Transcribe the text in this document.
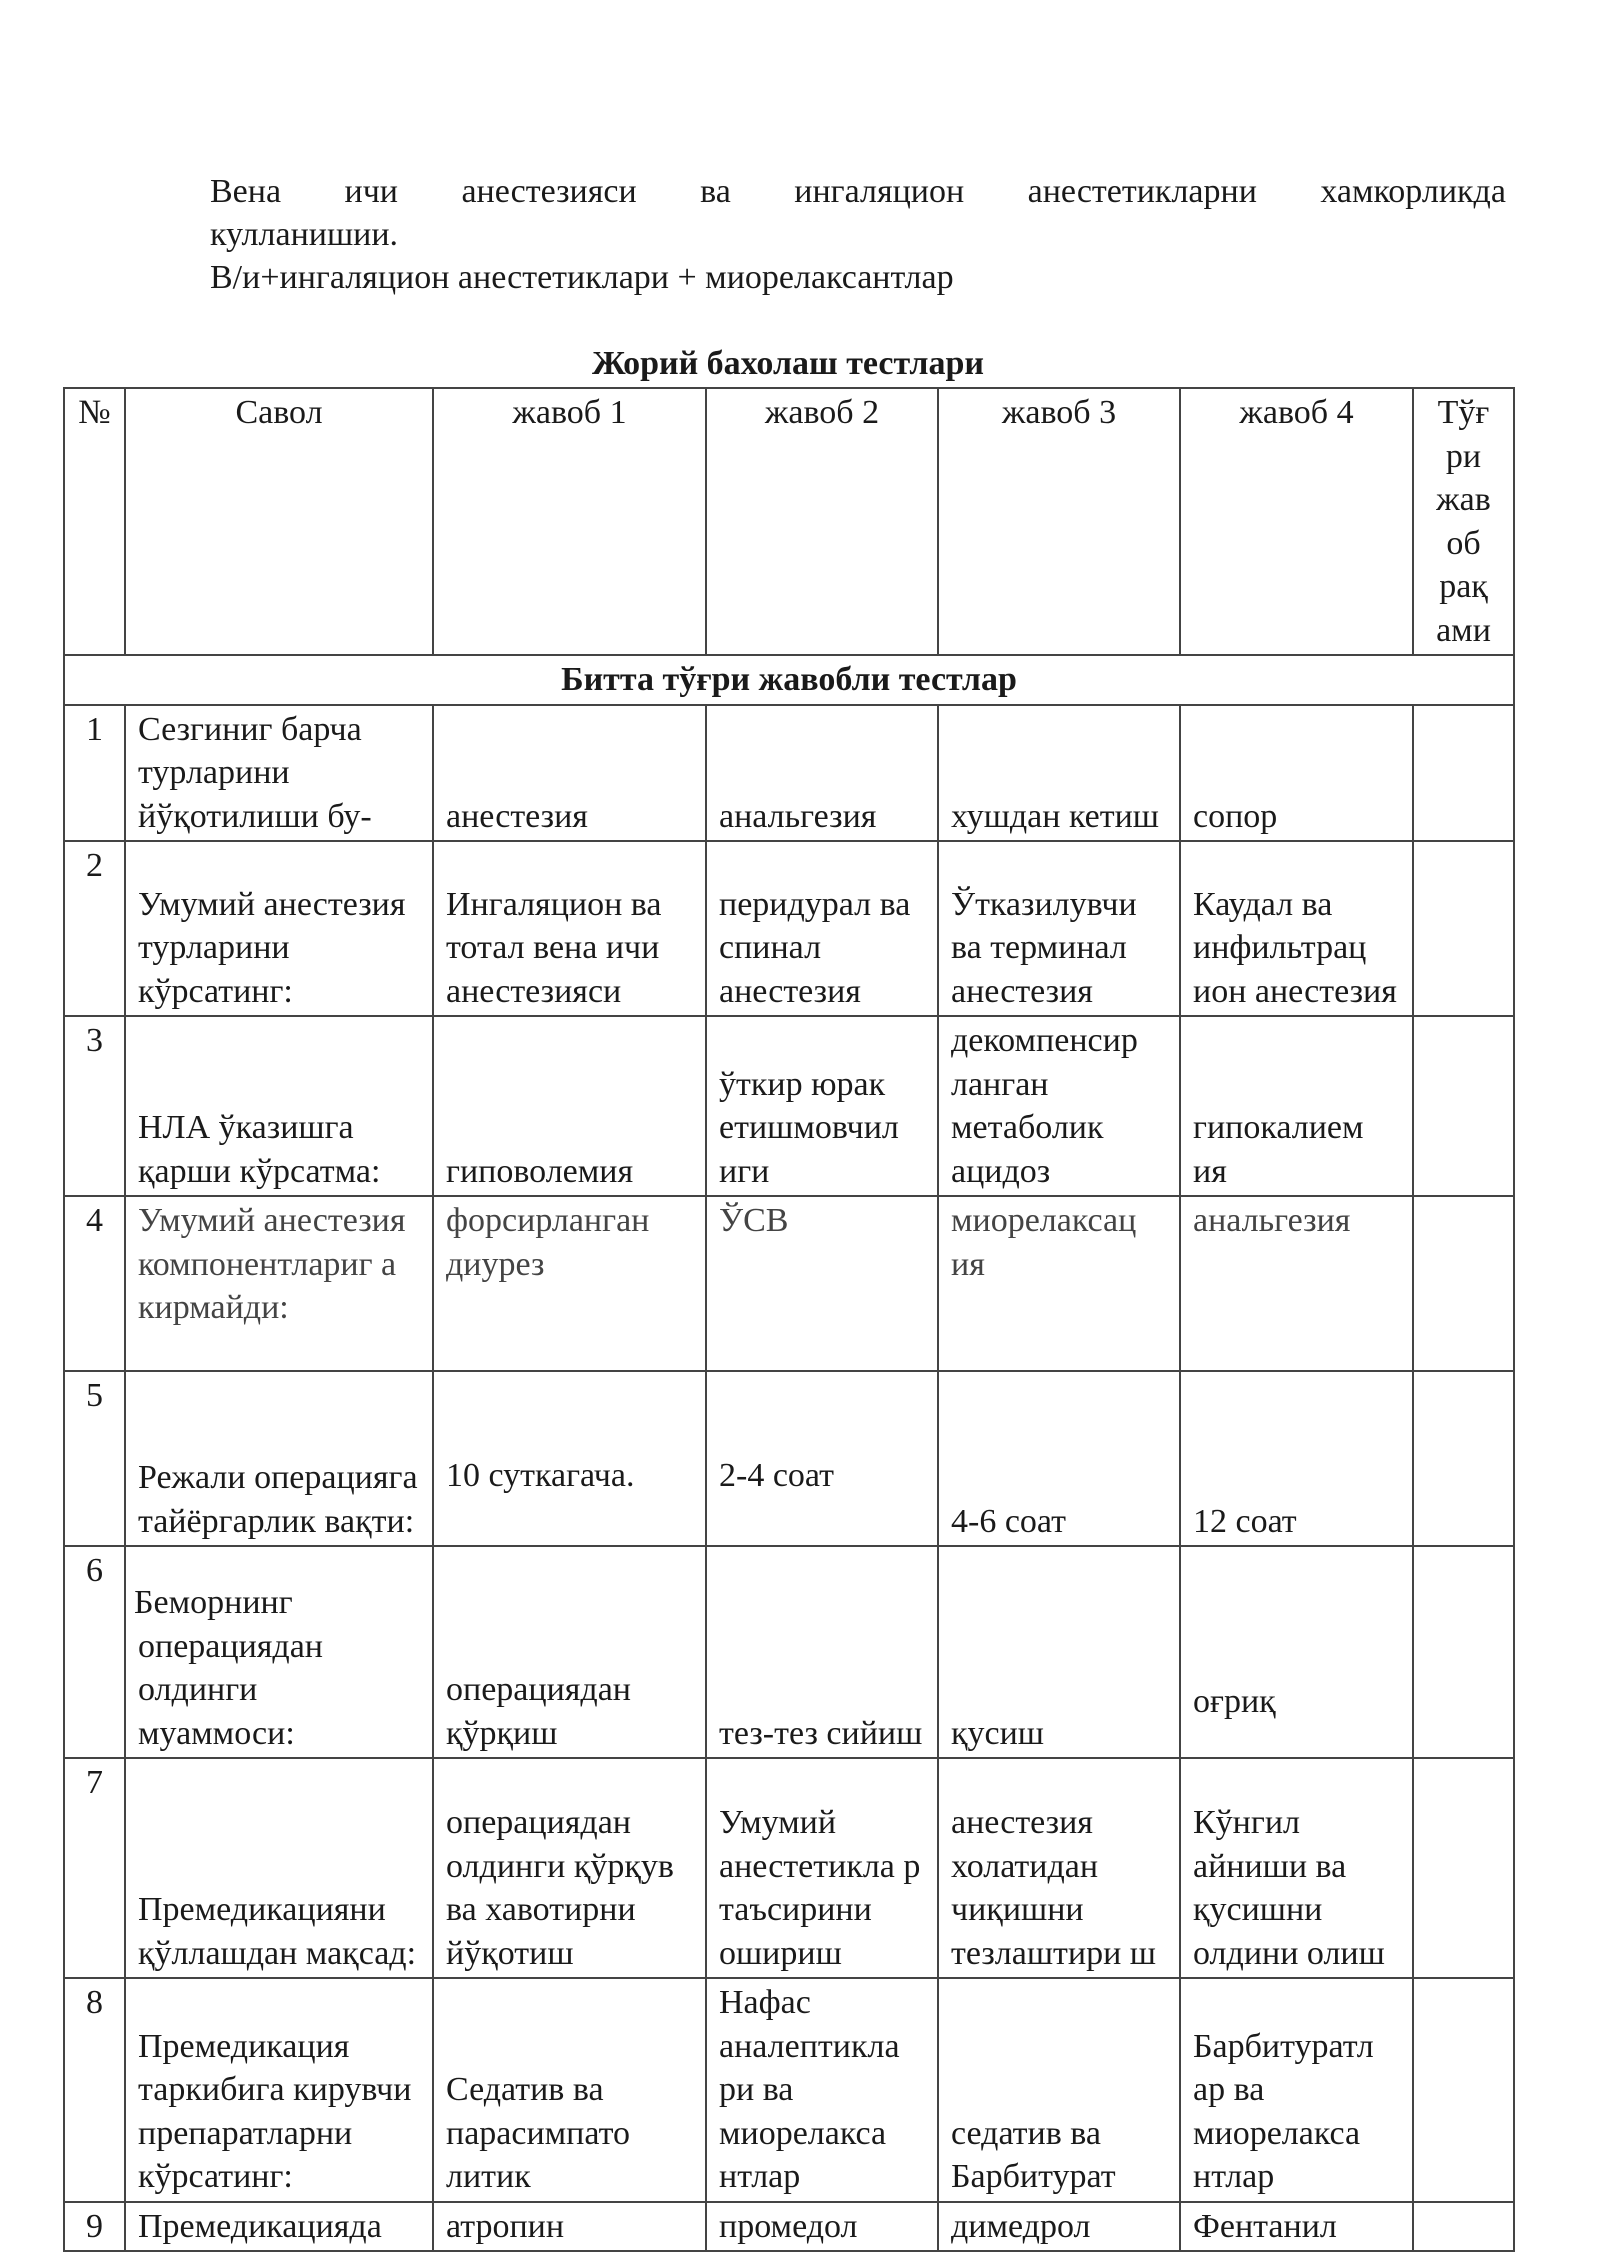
Вена ичи анестезияси ва ингаляцион анестетикларни хамкорликда

кулланишии.

В/и+ингаляцион анестетиклари + миорелаксантлар

Жорий бахолаш тестлари
№	Савол	жавоб 1	жавоб 2	жавоб 3	жавоб 4	Тўғ ри жав об рақ ами
Битта тўғри жавобли тестлар						
1	Сезгиниг барча турларини йўқотилиши бу-	анестезия	анальгезия	хушдан кетиш	сопор	
2	Умумий анестезия турларини кўрсатинг:	Ингаляцион ва тотал вена ичи анестезияси	перидурал ва спинал анестезия	Ўтказилувчи ва терминал анестезия	Каудал ва инфильтрац ион анестезия	
3	НЛА ўказишга қарши кўрсатма:	гиповолемия	ўткир юрак етишмовчил иги	декомпенсир ланган метаболик ацидоз	гипокалием ия	
4	Умумий анестезия компонентлариг а кирмайди:	форсирланган диурез	ЎСВ	миорелаксац ия	анальгезия	
5	Режали операцияга тайёргарлик вақти:	10 суткагача.	2-4 соат	4-6 соат	12 соат	
6	Беморнинг операциядан олдинги муаммоси:	операциядан қўрқиш	тез-тез сийиш	қусиш	оғриқ	
7	Премедикацияни қўллашдан мақсад:	операциядан олдинги қўрқув ва хавотирни йўқотиш	Умумий анестетикла р таъсирини ошириш	анестезия холатидан чиқишни тезлаштири ш	Кўнгил айниши ва қусишни олдини олиш	
8	Премедикация таркибига кирувчи препаратларни кўрсатинг:	Седатив ва парасимпато литик	Нафас аналептикла ри ва миорелакса нтлар	седатив ва Барбитурат	Барбитуратл ар ва миорелакса нтлар	
9	Премедикацияда	атропин	промедол	димедрол	Фентанил	
